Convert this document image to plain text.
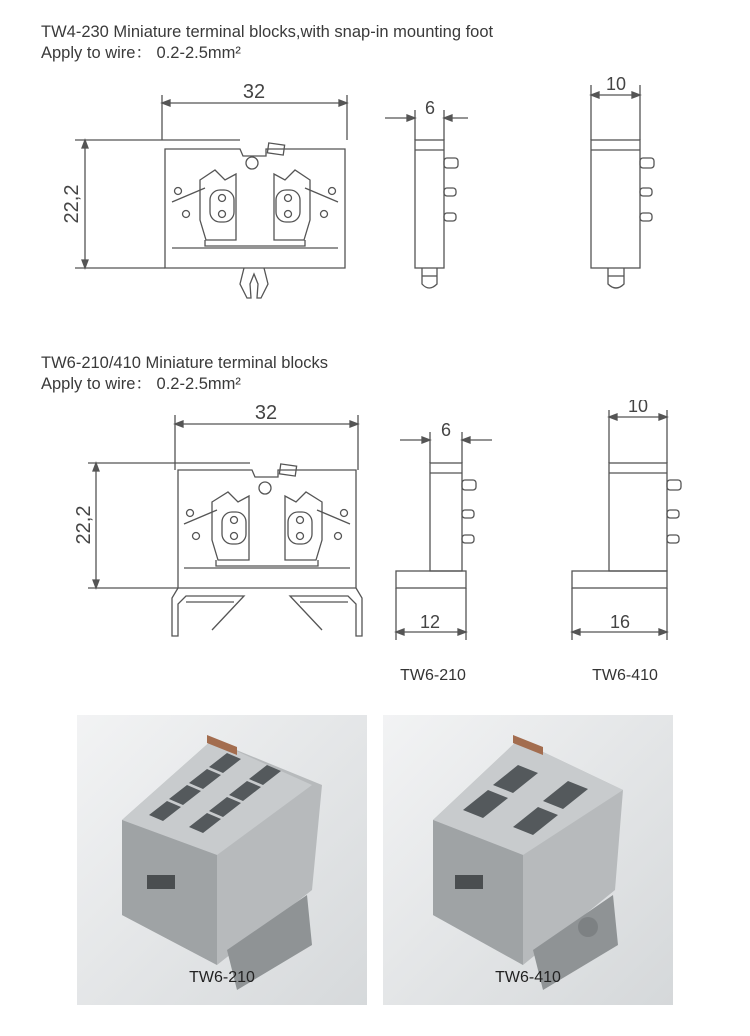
TW4-230 Miniature terminal blocks,with snap-in mounting foot
Apply to wire： 0.2-2.5mm²
32
22,2
6
10
TW6-210/410 Miniature terminal blocks
Apply to wire： 0.2-2.5mm²
32
22,2
6
10
12	16
TW6-210	TW6-410
TW6-210	TW6-410
